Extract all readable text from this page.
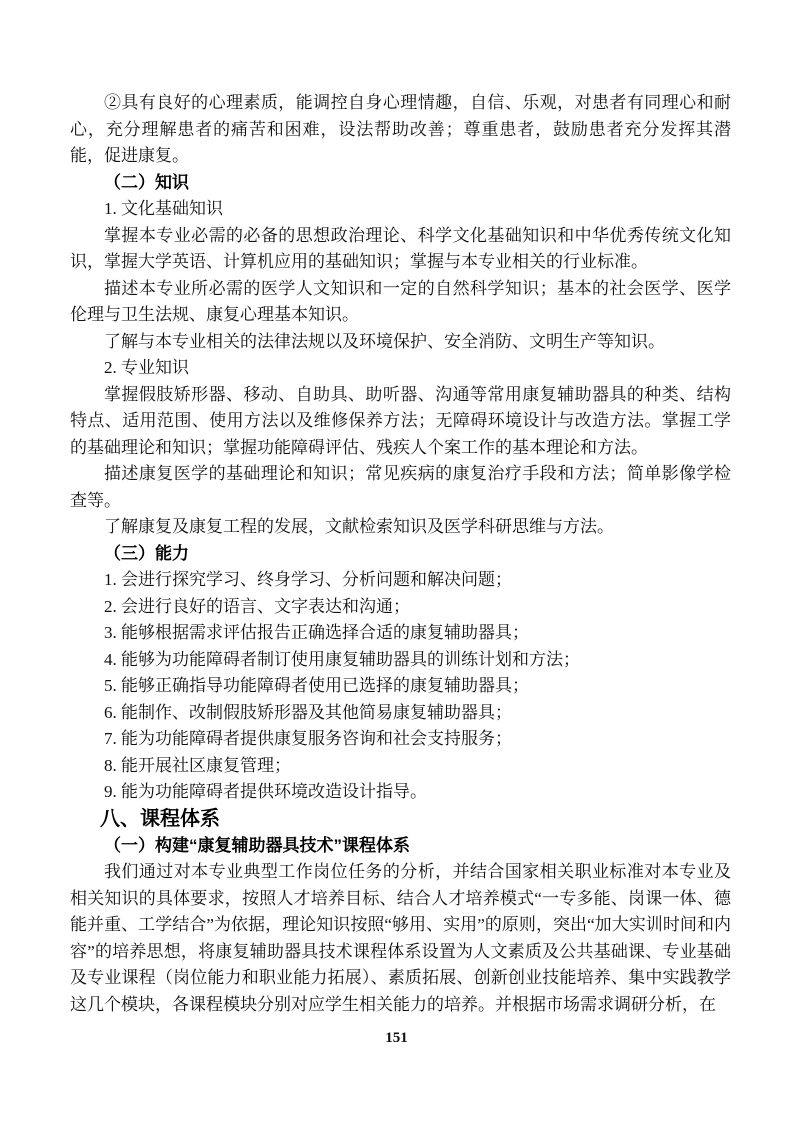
②具有良好的心理素质，能调控自身心理情趣，自信、乐观，对患者有同理心和耐心，充分理解患者的痛苦和困难，设法帮助改善；尊重患者，鼓励患者充分发挥其潜能，促进康复。

（二）知识

1. 文化基础知识

掌握本专业必需的必备的思想政治理论、科学文化基础知识和中华优秀传统文化知识，掌握大学英语、计算机应用的基础知识；掌握与本专业相关的行业标准。

描述本专业所必需的医学人文知识和一定的自然科学知识；基本的社会医学、医学伦理与卫生法规、康复心理基本知识。

了解与本专业相关的法律法规以及环境保护、安全消防、文明生产等知识。

2. 专业知识

掌握假肢矫形器、移动、自助具、助听器、沟通等常用康复辅助器具的种类、结构特点、适用范围、使用方法以及维修保养方法；无障碍环境设计与改造方法。掌握工学的基础理论和知识；掌握功能障碍评估、残疾人个案工作的基本理论和方法。

描述康复医学的基础理论和知识；常见疾病的康复治疗手段和方法；简单影像学检查等。

了解康复及康复工程的发展，文献检索知识及医学科研思维与方法。

（三）能力

1. 会进行探究学习、终身学习、分析问题和解决问题；

2. 会进行良好的语言、文字表达和沟通；

3. 能够根据需求评估报告正确选择合适的康复辅助器具；

4. 能够为功能障碍者制订使用康复辅助器具的训练计划和方法；

5. 能够正确指导功能障碍者使用已选择的康复辅助器具；

6. 能制作、改制假肢矫形器及其他简易康复辅助器具；

7. 能为功能障碍者提供康复服务咨询和社会支持服务；

8. 能开展社区康复管理；

9. 能为功能障碍者提供环境改造设计指导。

八、课程体系
（一）构建“康复辅助器具技术”课程体系

我们通过对本专业典型工作岗位任务的分析，并结合国家相关职业标准对本专业及相关知识的具体要求，按照人才培养目标、结合人才培养模式“一专多能、岗课一体、德能并重、工学结合”为依据，理论知识按照“够用、实用”的原则，突出“加大实训时间和内容”的培养思想，将康复辅助器具技术课程体系设置为人文素质及公共基础课、专业基础及专业课程（岗位能力和职业能力拓展）、素质拓展、创新创业技能培养、集中实践教学这几个模块，各课程模块分别对应学生相关能力的培养。并根据市场需求调研分析，在

151
